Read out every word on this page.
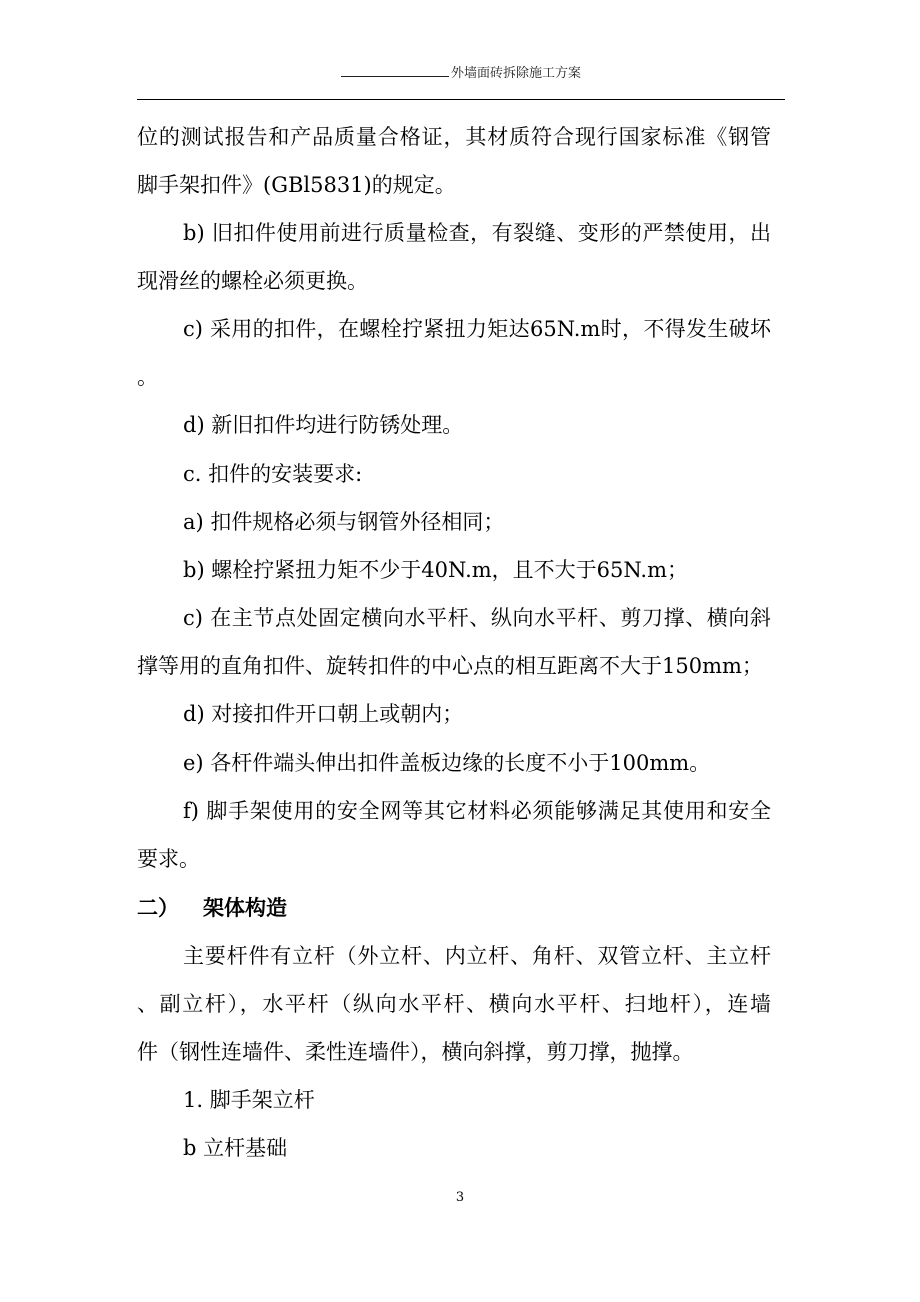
外墙面砖拆除施工方案
位的测试报告和产品质量合格证，其材质符合现行国家标准《钢管
脚手架扣件》(GBl5831)的规定。
b) 旧扣件使用前进行质量检查，有裂缝、变形的严禁使用，出
现滑丝的螺栓必须更换。
c) 采用的扣件，在螺栓拧紧扭力矩达65N.m时，不得发生破坏
。
d) 新旧扣件均进行防锈处理。
c. 扣件的安装要求:
a) 扣件规格必须与钢管外径相同；
b) 螺栓拧紧扭力矩不少于40N.m，且不大于65N.m；
c) 在主节点处固定横向水平杆、纵向水平杆、剪刀撑、横向斜
撑等用的直角扣件、旋转扣件的中心点的相互距离不大于150mm；
d) 对接扣件开口朝上或朝内；
e) 各杆件端头伸出扣件盖板边缘的长度不小于100mm。
f) 脚手架使用的安全网等其它材料必须能够满足其使用和安全
要求。
二） 架体构造
主要杆件有立杆（外立杆、内立杆、角杆、双管立杆、主立杆
、副立杆），水平杆（纵向水平杆、横向水平杆、扫地杆），连墙
件（钢性连墙件、柔性连墙件），横向斜撑，剪刀撑，抛撑。
1. 脚手架立杆
b 立杆基础
3
